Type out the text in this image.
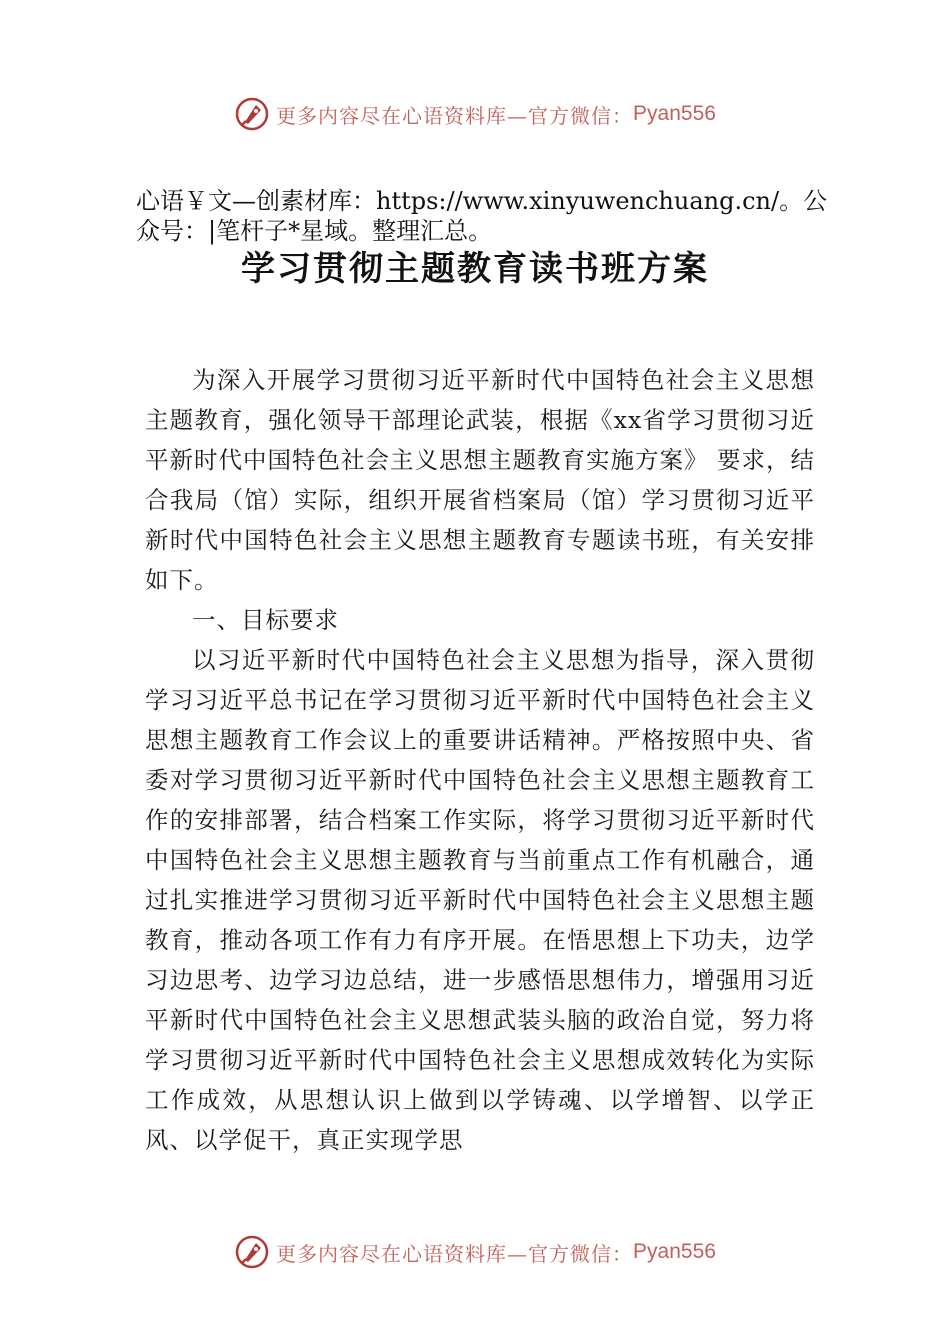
更多内容尽在心语资料库—官方微信： Pyan556
心语￥文—创素材库：https://www.xinyuwenchuang.cn/。公众号：|笔杆子*星域。整理汇总。
学习贯彻主题教育读书班方案

为深入开展学习贯彻习近平新时代中国特色社会主义思想主题教育，强化领导干部理论武装，根据《xx省学习贯彻习近平新时代中国特色社会主义思想主题教育实施方案》 要求，结合我局（馆）实际，组织开展省档案局（馆）学习贯彻习近平新时代中国特色社会主义思想主题教育专题读书班，有关安排如下。

一、目标要求

以习近平新时代中国特色社会主义思想为指导，深入贯彻学习习近平总书记在学习贯彻习近平新时代中国特色社会主义思想主题教育工作会议上的重要讲话精神。严格按照中央、省委对学习贯彻习近平新时代中国特色社会主义思想主题教育工作的安排部署，结合档案工作实际，将学习贯彻习近平新时代中国特色社会主义思想主题教育与当前重点工作有机融合，通过扎实推进学习贯彻习近平新时代中国特色社会主义思想主题教育，推动各项工作有力有序开展。在悟思想上下功夫，边学习边思考、边学习边总结，进一步感悟思想伟力，增强用习近平新时代中国特色社会主义思想武装头脑的政治自觉，努力将学习贯彻习近平新时代中国特色社会主义思想成效转化为实际工作成效，从思想认识上做到以学铸魂、以学增智、以学正风、以学促干，真正实现学思

更多内容尽在心语资料库—官方微信： Pyan556
